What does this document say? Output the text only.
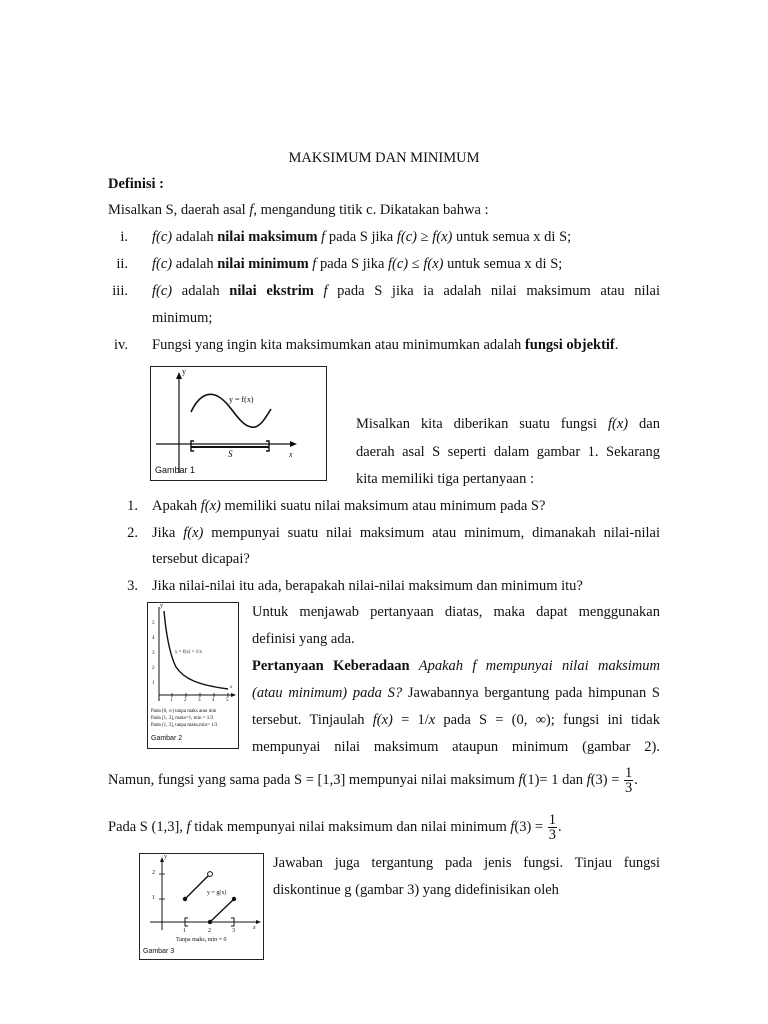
MAKSIMUM DAN MINIMUM
Definisi :
Misalkan S, daerah asal f, mengandung titik c. Dikatakan bahwa :
i. f(c) adalah nilai maksimum f pada S jika f(c) ≥ f(x) untuk semua x di S;
ii. f(c) adalah nilai minimum f pada S jika f(c) ≤ f(x) untuk semua x di S;
iii. f(c) adalah nilai ekstrim f pada S jika ia adalah nilai maksimum atau nilai
minimum;
iv. Fungsi yang ingin kita maksimumkan atau minimumkan adalah fungsi objektif.
y
y = f(x)
S	x
Gambar 1
Misalkan kita diberikan suatu fungsi f(x) dan
daerah asal S seperti dalam gambar 1. Sekarang
kita memiliki tiga pertanyaan :
1. Apakah f(x) memiliki suatu nilai maksimum atau minimum pada S?
2. Jika f(x) mempunyai suatu nilai maksimum atau minimum, dimanakah nilai-nilai
tersebut dicapai?
3. Jika nilai-nilai itu ada, berapakah nilai-nilai maksimum dan minimum itu?
y
5
4
3
2
1
1 2 3 4 5
x
y = f(x) = 1/x
Pada (0, ∞) tanpa maks atau min
Pada [1, 3], maks=1, min = 1/3
Pada (1, 3], tanpa maks,min= 1/3
Gambar 2
Untuk menjawab pertanyaan diatas, maka dapat menggunakan
definisi yang ada.
Pertanyaan Keberadaan Apakah f mempunyai nilai maksimum
(atau minimum) pada S? Jawabannya bergantung pada himpunan S
tersebut. Tinjaulah f(x) = 1/x pada S = (0, ∞); fungsi ini tidak
mempunyai nilai maksimum ataupun minimum (gambar 2).
Namun, fungsi yang sama pada S = [1,3] mempunyai nilai maksimum f(1)= 1 dan $f(3) = \frac{1}{3}$ .
Pada S (1,3], f tidak mempunyai nilai maksimum dan nilai minimum $f(3) = \frac{1}{3}$ .
y
2
1
1	2	3	x
y = g(x)
Tanpa maks, min = 0
Gambar 3
Jawaban juga tergantung pada jenis fungsi. Tinjau fungsi
diskontinue g (gambar 3) yang didefinisikan oleh
